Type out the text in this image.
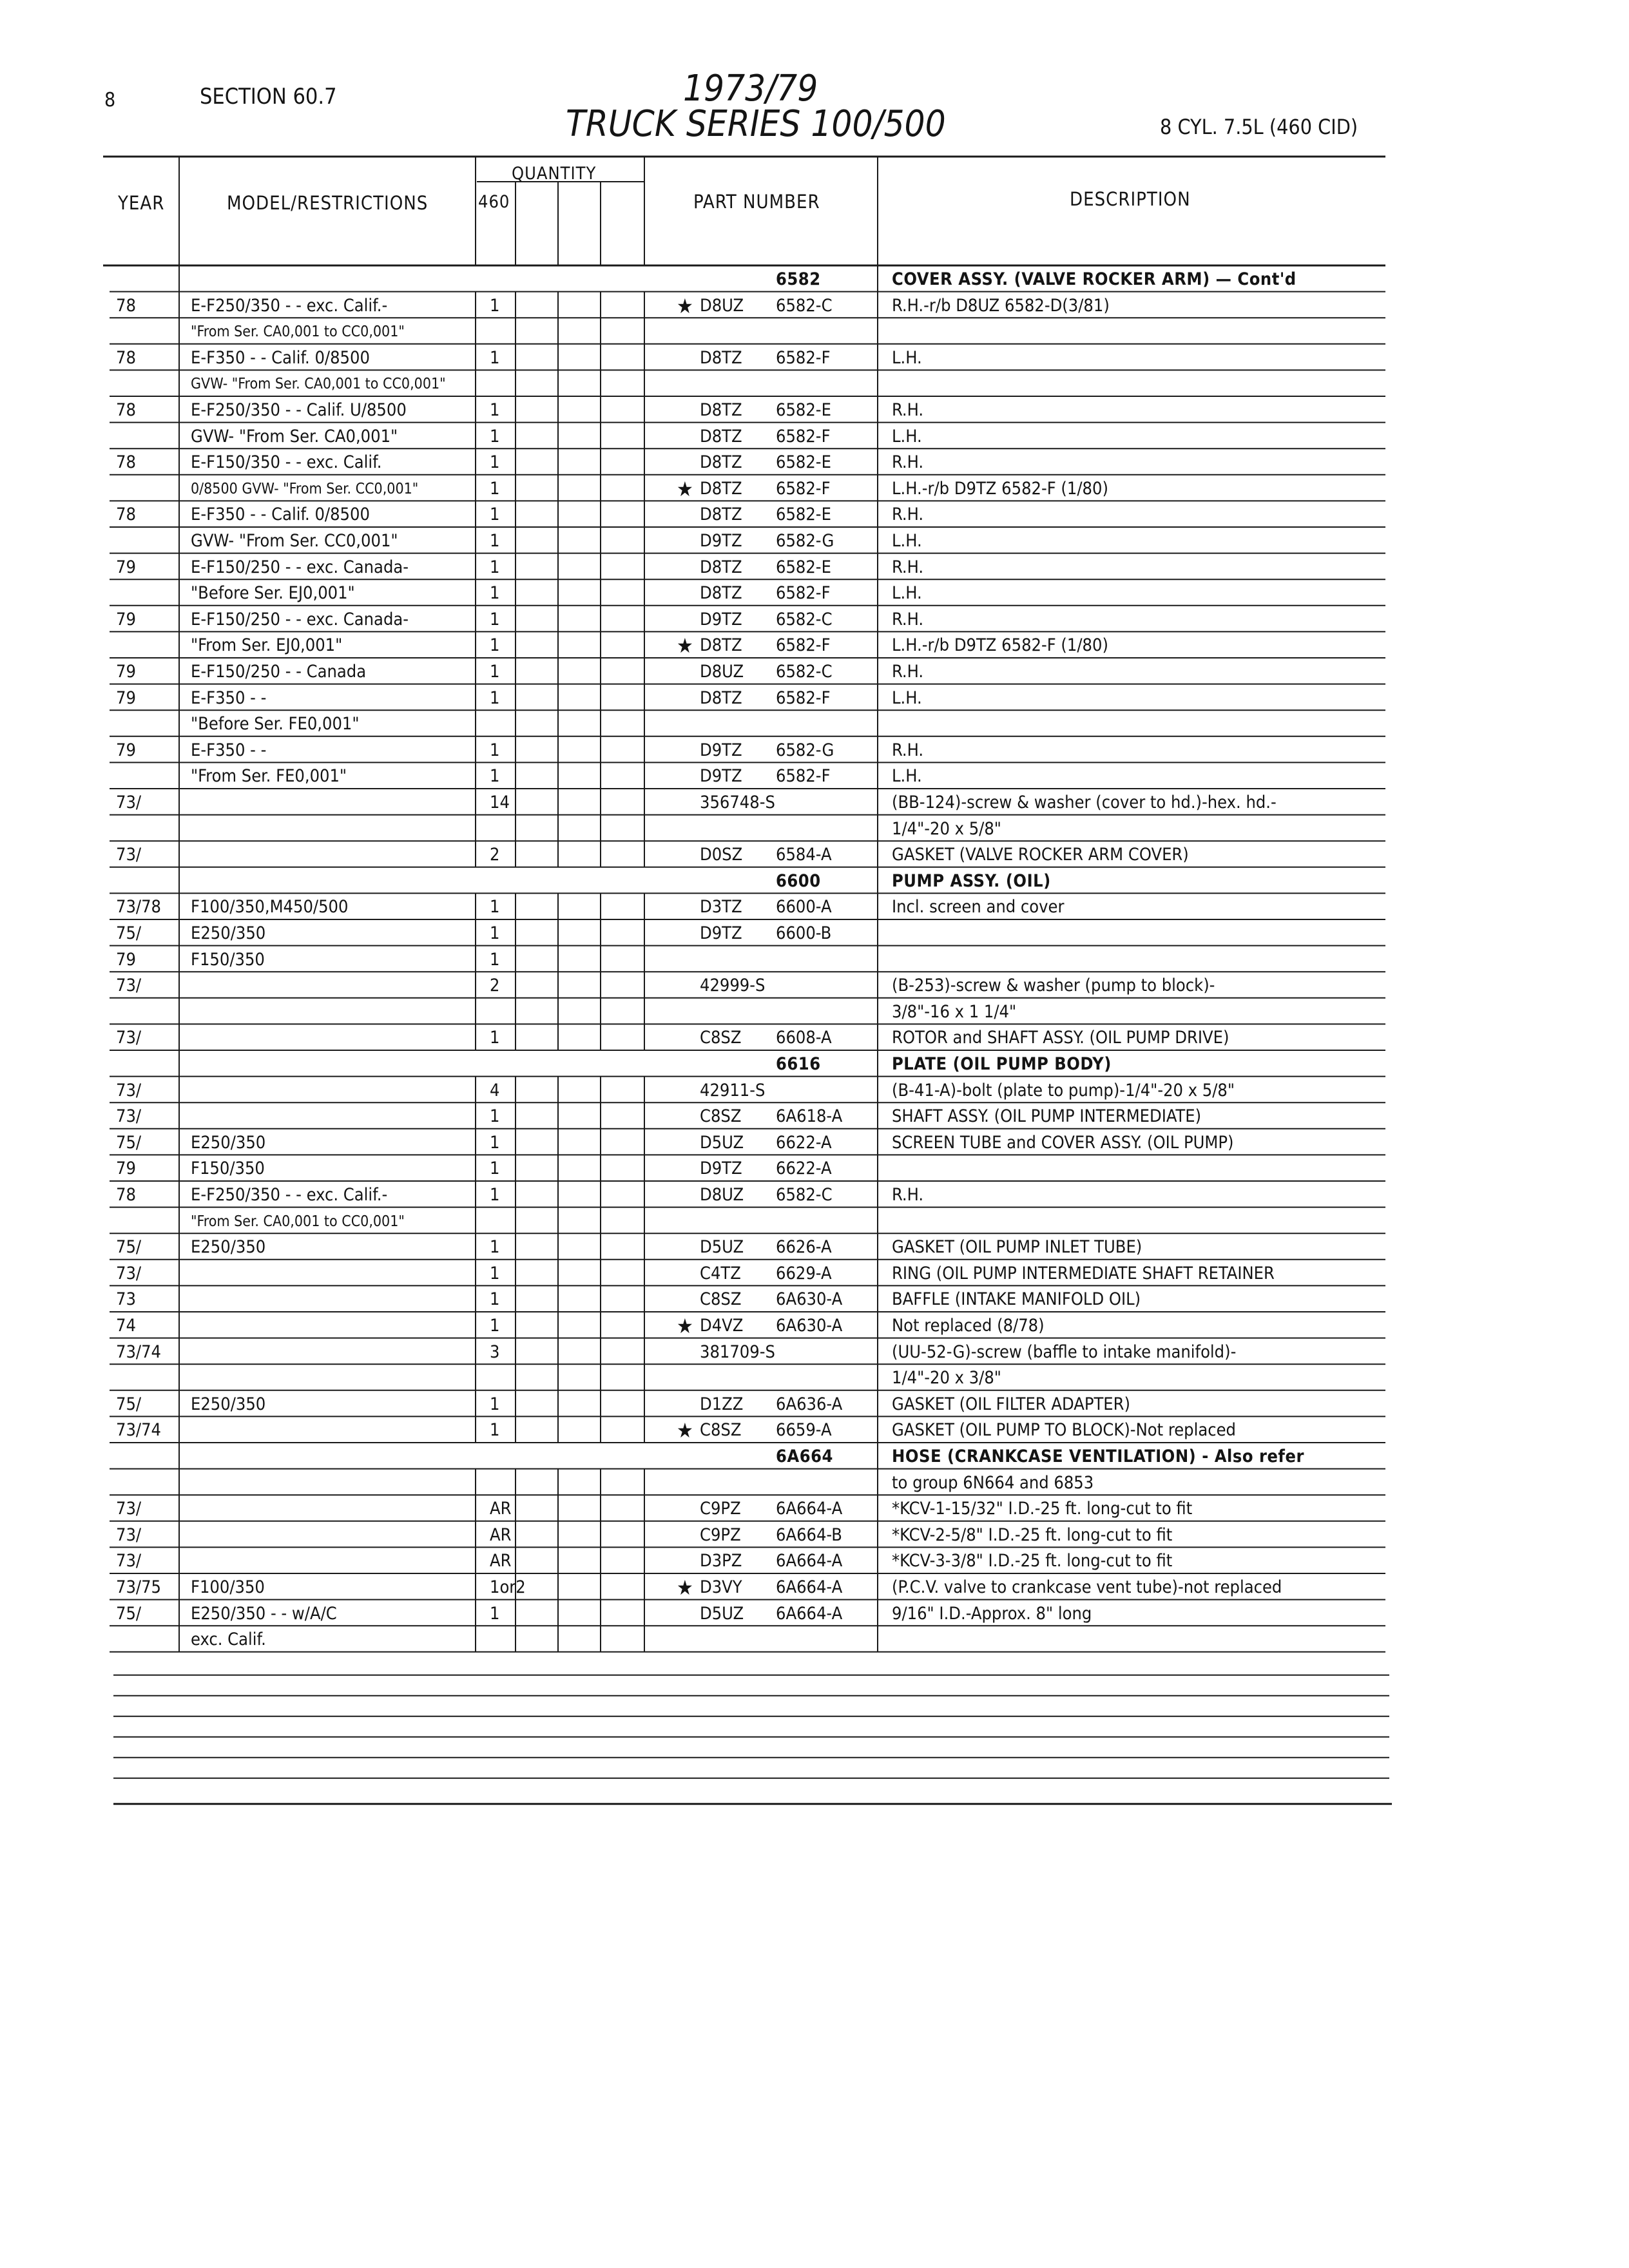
8	SECTION 60.7	1973/79
TRUCK SERIES 100/500	8 CYL. 7.5L (460 CID)
YEAR	MODEL/RESTRICTIONS
QUANTITY
460	PART NUMBER	DESCRIPTION
6582	COVER ASSY. (VALVE ROCKER ARM) — Cont'd
78	E-F250/350 - - exc. Calif.-	1	★ D8UZ 6582-C	R.H.-r/b D8UZ 6582-D(3/81)
"From Ser. CA0,001 to CC0,001"
78	E-F350 - - Calif. 0/8500	1	D8TZ 6582-F	L.H.
GVW- "From Ser. CA0,001 to CC0,001"
78	E-F250/350 - - Calif. U/8500	1	D8TZ 6582-E	R.H.
GVW- "From Ser. CA0,001"	1	D8TZ 6582-F	L.H.
78	E-F150/350 - - exc. Calif.	1	D8TZ 6582-E	R.H.
0/8500 GVW- "From Ser. CC0,001"	1	★ D8TZ 6582-F	L.H.-r/b D9TZ 6582-F (1/80)
78	E-F350 - - Calif. 0/8500	1	D8TZ 6582-E	R.H.
GVW- "From Ser. CC0,001"	1	D9TZ 6582-G	L.H.
79	E-F150/250 - - exc. Canada-	1	D8TZ 6582-E	R.H.
"Before Ser. EJ0,001"	1	D8TZ 6582-F	L.H.
79	E-F150/250 - - exc. Canada-	1	D9TZ 6582-C	R.H.
"From Ser. EJ0,001"	1	★ D8TZ 6582-F	L.H.-r/b D9TZ 6582-F (1/80)
79	E-F150/250 - - Canada	1	D8UZ 6582-C	R.H.
79	E-F350 - -	1	D8TZ 6582-F	L.H.
"Before Ser. FE0,001"
79	E-F350 - -	1	D9TZ 6582-G	R.H.
"From Ser. FE0,001"	1	D9TZ 6582-F	L.H.
73/	14	356748-S	(BB-124)-screw & washer (cover to hd.)-hex. hd.-
1/4"-20 x 5/8"
73/	2	D0SZ 6584-A	GASKET (VALVE ROCKER ARM COVER)
6600	PUMP ASSY. (OIL)
73/78 F100/350,M450/500	1	D3TZ 6600-A	Incl. screen and cover
75/	E250/350	1	D9TZ 6600-B
79	F150/350	1
73/	2	42999-S	(B-253)-screw & washer (pump to block)-
3/8"-16 x 1 1/4"
73/	1	C8SZ 6608-A	ROTOR and SHAFT ASSY. (OIL PUMP DRIVE)
6616	PLATE (OIL PUMP BODY)
73/	4	42911-S	(B-41-A)-bolt (plate to pump)-1/4"-20 x 5/8"
73/	1	C8SZ 6A618-A	SHAFT ASSY. (OIL PUMP INTERMEDIATE)
75/	E250/350	1	D5UZ 6622-A	SCREEN TUBE and COVER ASSY. (OIL PUMP)
79	F150/350	1	D9TZ 6622-A
78	E-F250/350 - - exc. Calif.-	1	D8UZ 6582-C	R.H.
"From Ser. CA0,001 to CC0,001"
75/	E250/350	1	D5UZ 6626-A	GASKET (OIL PUMP INLET TUBE)
73/	1	C4TZ 6629-A	RING (OIL PUMP INTERMEDIATE SHAFT RETAINER
73	1	C8SZ 6A630-A	BAFFLE (INTAKE MANIFOLD OIL)
74	1	★ D4VZ 6A630-A	Not replaced (8/78)
73/74	3	381709-S	(UU-52-G)-screw (baffle to intake manifold)-
1/4"-20 x 3/8"
75/	E250/350	1	D1ZZ 6A636-A	GASKET (OIL FILTER ADAPTER)
73/74	1	★ C8SZ 6659-A	GASKET (OIL PUMP TO BLOCK)-Not replaced
6A664	HOSE (CRANKCASE VENTILATION) - Also refer
to group 6N664 and 6853
73/	AR	C9PZ 6A664-A	*KCV-1-15/32" I.D.-25 ft. long-cut to fit
73/	AR	C9PZ 6A664-B	*KCV-2-5/8" I.D.-25 ft. long-cut to fit
73/	AR	D3PZ 6A664-A	*KCV-3-3/8" I.D.-25 ft. long-cut to fit
73/75 F100/350	1or2	★ D3VY 6A664-A	(P.C.V. valve to crankcase vent tube)-not replaced
75/	E250/350 - - w/A/C	1	D5UZ 6A664-A	9/16" I.D.-Approx. 8" long
exc. Calif.
